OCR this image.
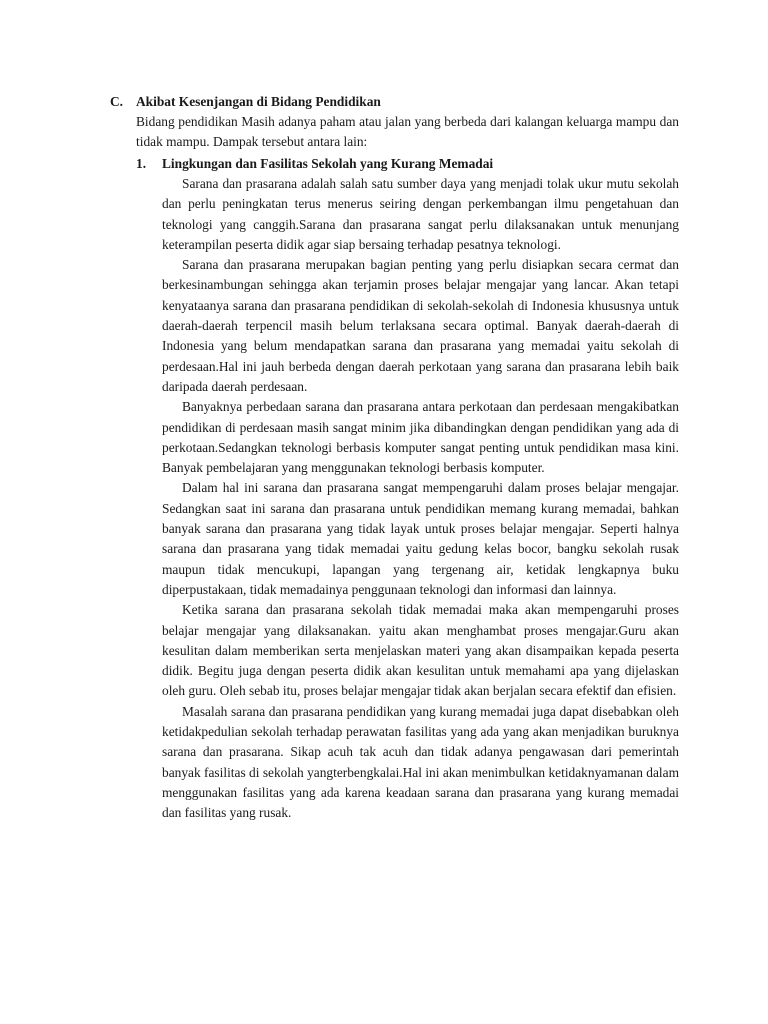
C. Akibat Kesenjangan di Bidang Pendidikan

Bidang pendidikan Masih adanya paham atau jalan yang berbeda dari kalangan keluarga mampu dan tidak mampu. Dampak tersebut antara lain:

1. Lingkungan dan Fasilitas Sekolah yang Kurang Memadai

Sarana dan prasarana adalah salah satu sumber daya yang menjadi tolak ukur mutu sekolah dan perlu peningkatan terus menerus seiring dengan perkembangan ilmu pengetahuan dan teknologi yang canggih.Sarana dan prasarana sangat perlu dilaksanakan untuk menunjang keterampilan peserta didik agar siap bersaing terhadap pesatnya teknologi.

Sarana dan prasarana merupakan bagian penting yang perlu disiapkan secara cermat dan berkesinambungan sehingga akan terjamin proses belajar mengajar yang lancar. Akan tetapi kenyataanya sarana dan prasarana pendidikan di sekolah-sekolah di Indonesia khususnya untuk daerah-daerah terpencil masih belum terlaksana secara optimal. Banyak daerah-daerah di Indonesia yang belum mendapatkan sarana dan prasarana yang memadai yaitu sekolah di perdesaan.Hal ini jauh berbeda dengan daerah perkotaan yang sarana dan prasarana lebih baik daripada daerah perdesaan.

Banyaknya perbedaan sarana dan prasarana antara perkotaan dan perdesaan mengakibatkan pendidikan di perdesaan masih sangat minim jika dibandingkan dengan pendidikan yang ada di perkotaan.Sedangkan teknologi berbasis komputer sangat penting untuk pendidikan masa kini. Banyak pembelajaran yang menggunakan teknologi berbasis komputer.

Dalam hal ini sarana dan prasarana sangat mempengaruhi dalam proses belajar mengajar. Sedangkan saat ini sarana dan prasarana untuk pendidikan memang kurang memadai, bahkan banyak sarana dan prasarana yang tidak layak untuk proses belajar mengajar. Seperti halnya sarana dan prasarana yang tidak memadai yaitu gedung kelas bocor, bangku sekolah rusak maupun tidak mencukupi, lapangan yang tergenang air, ketidak lengkapnya buku diperpustakaan, tidak memadainya penggunaan teknologi dan informasi dan lainnya.

Ketika sarana dan prasarana sekolah tidak memadai maka akan mempengaruhi proses belajar mengajar yang dilaksanakan. yaitu akan menghambat proses mengajar.Guru akan kesulitan dalam memberikan serta menjelaskan materi yang akan disampaikan kepada peserta didik. Begitu juga dengan peserta didik akan kesulitan untuk memahami apa yang dijelaskan oleh guru. Oleh sebab itu, proses belajar mengajar tidak akan berjalan secara efektif dan efisien.

Masalah sarana dan prasarana pendidikan yang kurang memadai juga dapat disebabkan oleh ketidakpedulian sekolah terhadap perawatan fasilitas yang ada yang akan menjadikan buruknya sarana dan prasarana. Sikap acuh tak acuh dan tidak adanya pengawasan dari pemerintah banyak fasilitas di sekolah yangterbengkalai.Hal ini akan menimbulkan ketidaknyamanan dalam menggunakan fasilitas yang ada karena keadaan sarana dan prasarana yang kurang memadai dan fasilitas yang rusak.
